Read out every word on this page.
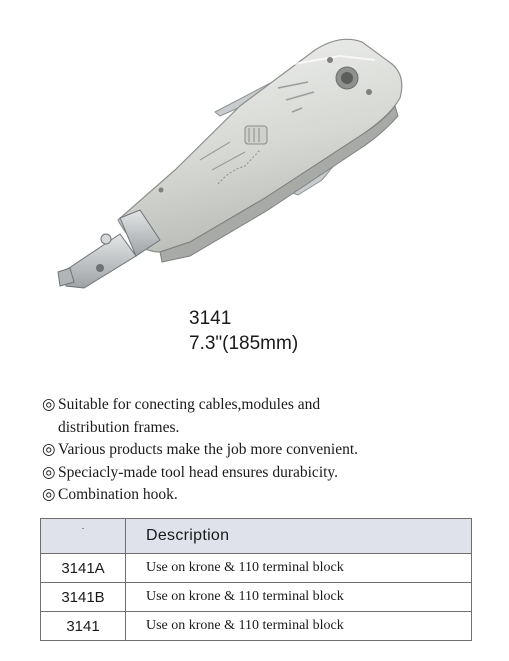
3141
7.3"(185mm)
◎ Suitable for conecting cables,modules and
distribution frames.
◎ Various products make the job more convenient.
◎ Speciacly-made tool head ensures durabicity.
◎ Combination hook.
·	Description
3141A	Use on krone & 110 terminal block
3141B	Use on krone & 110 terminal block
3141	Use on krone & 110 terminal block
